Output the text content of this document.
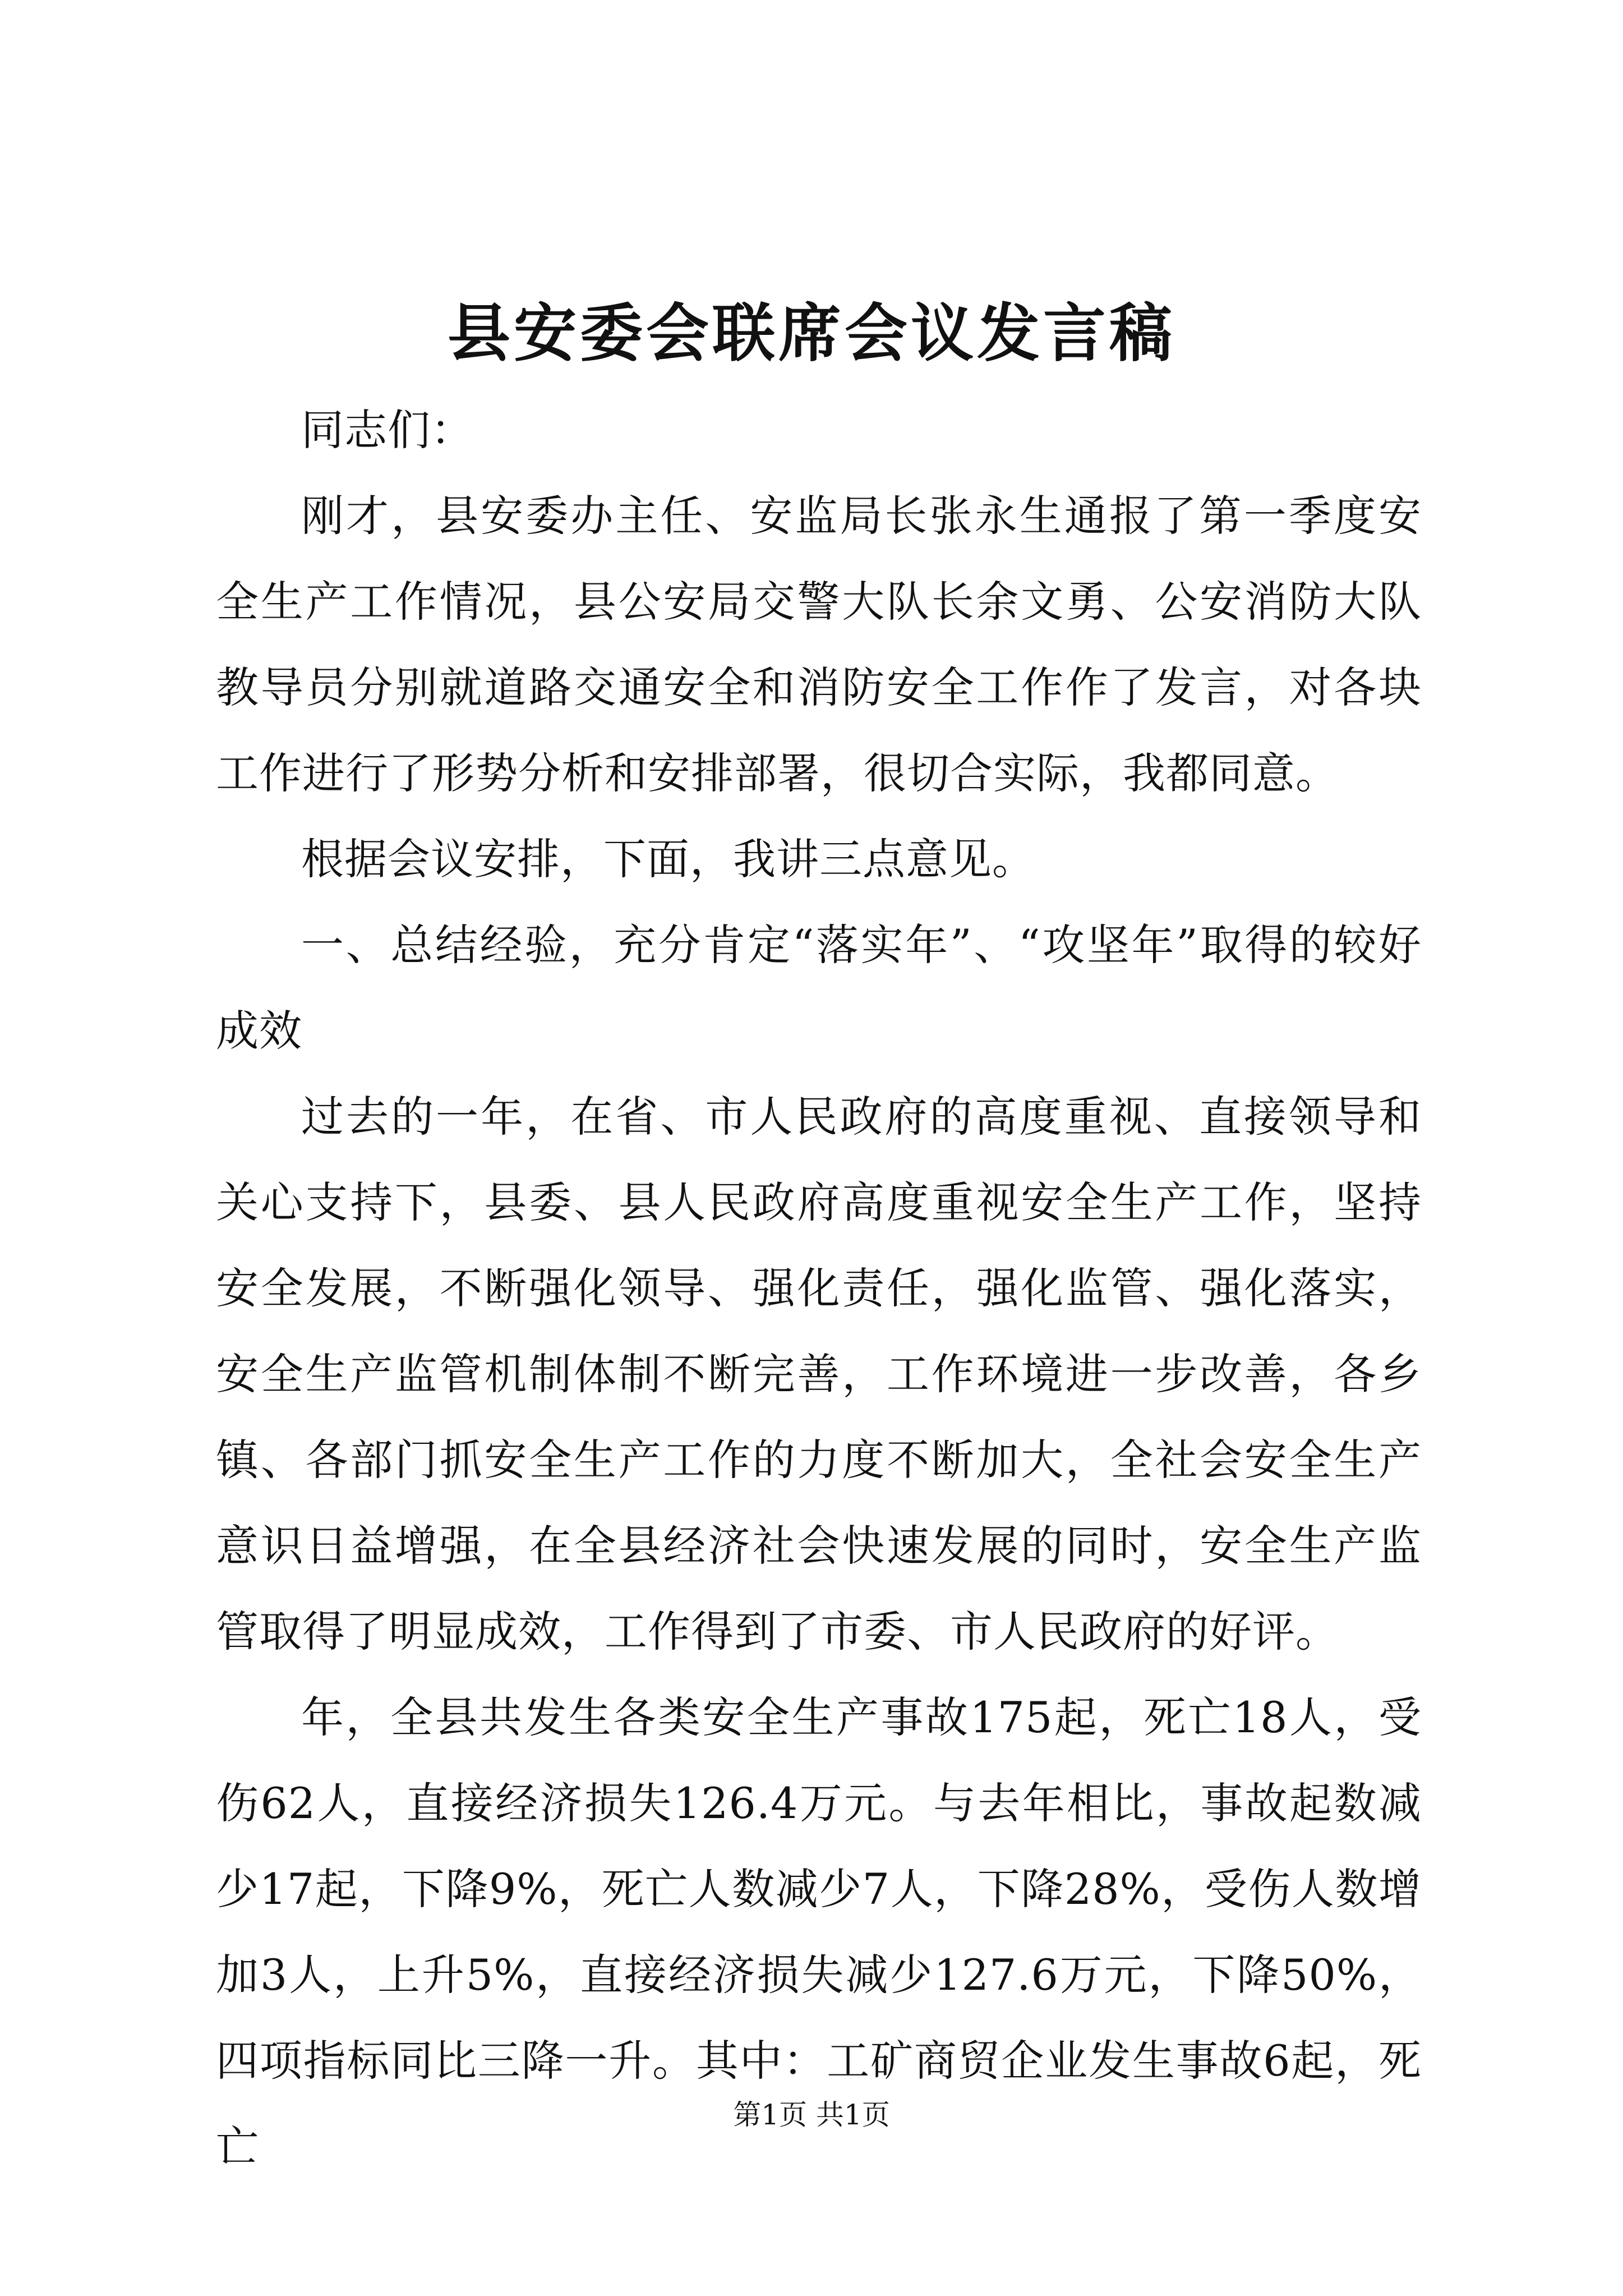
县安委会联席会议发言稿

同志们：

刚才，县安委办主任、安监局长张永生通报了第一季度安全生产工作情况，县公安局交警大队长余文勇、公安消防大队教导员分别就道路交通安全和消防安全工作作了发言，对各块工作进行了形势分析和安排部署，很切合实际，我都同意。

根据会议安排，下面，我讲三点意见。

一、总结经验，充分肯定“落实年”、“攻坚年”取得的较好成效

过去的一年，在省、市人民政府的高度重视、直接领导和关心支持下，县委、县人民政府高度重视安全生产工作，坚持安全发展，不断强化领导、强化责任，强化监管、强化落实，安全生产监管机制体制不断完善，工作环境进一步改善，各乡镇、各部门抓安全生产工作的力度不断加大，全社会安全生产意识日益增强，在全县经济社会快速发展的同时，安全生产监管取得了明显成效，工作得到了市委、市人民政府的好评。

年，全县共发生各类安全生产事故175起，死亡18人，受伤62人，直接经济损失126.4万元。与去年相比，事故起数减少17起，下降9%，死亡人数减少7人，下降28%，受伤人数增加3人，上升5%，直接经济损失减少127.6万元，下降50%，四项指标同比三降一升。其中：工矿商贸企业发生事故6起，死亡

第1页 共1页
